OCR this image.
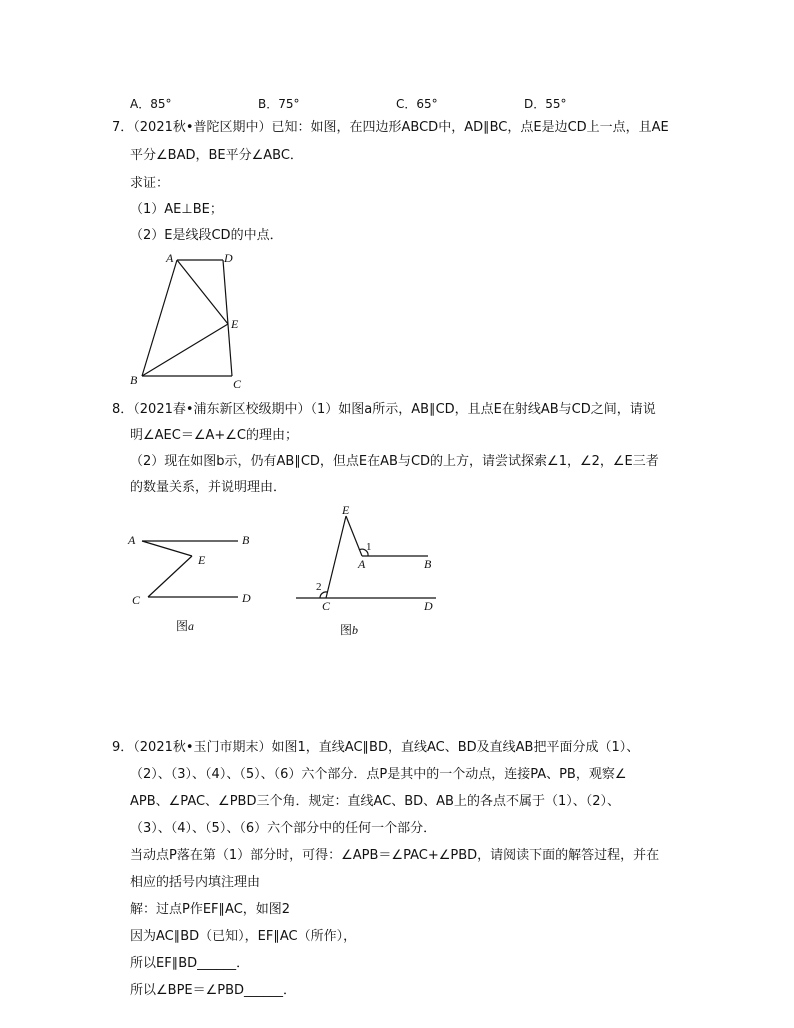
A．85°	B．75°	C．65°	D．55°
7．（2021秋•普陀区期中）已知：如图，在四边形ABCD中，AD∥BC，点E是边CD上一点，且AE
平分∠BAD，BE平分∠ABC．
求证：
（1）AE⊥BE；
（2）E是线段CD的中点．
A	D
E
B	C
8．（2021春•浦东新区校级期中）（1）如图a所示，AB∥CD，且点E在射线AB与CD之间，请说
明∠AEC＝∠A+∠C的理由；
（2）现在如图b示，仍有AB∥CD，但点E在AB与CD的上方，请尝试探索∠1，∠2，∠E三者
的数量关系，并说明理由．
A	B
E
C	D
图a
E
1
A	B
2
C	D
图b
9．（2021秋•玉门市期末）如图1，直线AC∥BD，直线AC、BD及直线AB把平面分成（1）、
（2）、（3）、（4）、（5）、（6）六个部分．点P是其中的一个动点，连接PA、PB，观察∠
APB、∠PAC、∠PBD三个角．规定：直线AC、BD、AB上的各点不属于（1）、（2）、
（3）、（4）、（5）、（6）六个部分中的任何一个部分．
当动点P落在第（1）部分时，可得：∠APB＝∠PAC+∠PBD，请阅读下面的解答过程，并在
相应的括号内填注理由
解：过点P作EF∥AC，如图2
因为AC∥BD（已知），EF∥AC（所作），
所以EF∥BD______．
所以∠BPE＝∠PBD______．
